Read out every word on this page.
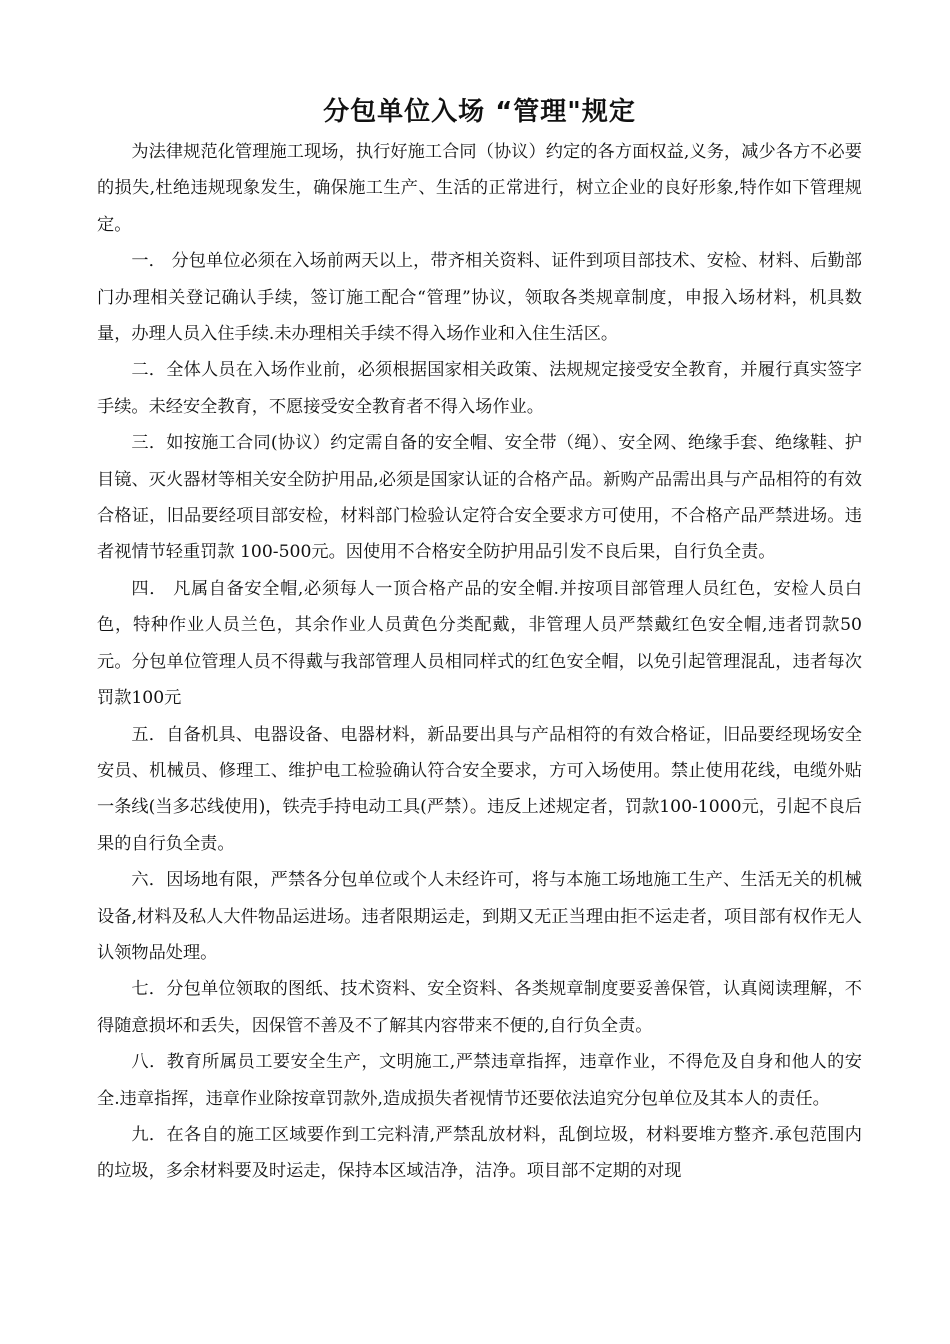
分包单位入场 “管理"规定

为法律规范化管理施工现场，执行好施工合同（协议）约定的各方面权益,义务，减少各方不必要的损失,杜绝违规现象发生，确保施工生产、生活的正常进行，树立企业的良好形象,特作如下管理规定。

一． 分包单位必须在入场前两天以上，带齐相关资料、证件到项目部技术、安检、材料、后勤部门办理相关登记确认手续，签订施工配合“管理”协议，领取各类规章制度，申报入场材料，机具数量，办理人员入住手续.未办理相关手续不得入场作业和入住生活区。

二．全体人员在入场作业前，必须根据国家相关政策、法规规定接受安全教育，并履行真实签字手续。未经安全教育，不愿接受安全教育者不得入场作业。

三．如按施工合同(协议）约定需自备的安全帽、安全带（绳）、安全网、绝缘手套、绝缘鞋、护目镜、灭火器材等相关安全防护用品,必须是国家认证的合格产品。新购产品需出具与产品相符的有效合格证，旧品要经项目部安检，材料部门检验认定符合安全要求方可使用，不合格产品严禁进场。违者视情节轻重罚款 100-500元。因使用不合格安全防护用品引发不良后果，自行负全责。

四． 凡属自备安全帽,必须每人一顶合格产品的安全帽.并按项目部管理人员红色，安检人员白色，特种作业人员兰色，其余作业人员黄色分类配戴，非管理人员严禁戴红色安全帽,违者罚款50元。分包单位管理人员不得戴与我部管理人员相同样式的红色安全帽，以免引起管理混乱，违者每次罚款100元

五．自备机具、电器设备、电器材料，新品要出具与产品相符的有效合格证，旧品要经现场安全安员、机械员、修理工、维护电工检验确认符合安全要求，方可入场使用。禁止使用花线，电缆外贴一条线(当多芯线使用)，铁壳手持电动工具(严禁）。违反上述规定者，罚款100-1000元，引起不良后果的自行负全责。

六．因场地有限，严禁各分包单位或个人未经许可，将与本施工场地施工生产、生活无关的机械设备,材料及私人大件物品运进场。违者限期运走，到期又无正当理由拒不运走者，项目部有权作无人认领物品处理。

七．分包单位领取的图纸、技术资料、安全资料、各类规章制度要妥善保管，认真阅读理解，不得随意损坏和丢失，因保管不善及不了解其内容带来不便的,自行负全责。

八．教育所属员工要安全生产，文明施工,严禁违章指挥，违章作业，不得危及自身和他人的安全.违章指挥，违章作业除按章罚款外,造成损失者视情节还要依法追究分包单位及其本人的责任。

九．在各自的施工区域要作到工完料清,严禁乱放材料，乱倒垃圾，材料要堆方整齐.承包范围内的垃圾，多余材料要及时运走，保持本区域洁净，洁净。项目部不定期的对现
